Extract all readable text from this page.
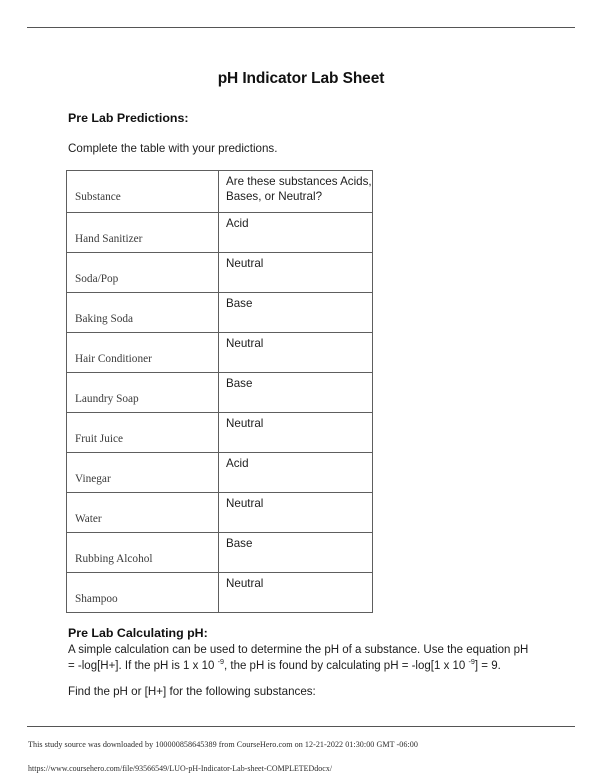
pH Indicator Lab Sheet
Pre Lab Predictions:
Complete the table with your predictions.
Substance	Are these substances Acids, Bases, or Neutral?

Hand Sanitizer	Acid

Soda/Pop	Neutral

Baking Soda	Base

Hair Conditioner	Neutral

Laundry Soap	Base

Fruit Juice	Neutral

Vinegar	Acid

Water	Neutral

Rubbing Alcohol	Base

Shampoo	Neutral
Pre Lab Calculating pH:
A simple calculation can be used to determine the pH of a substance. Use the equation pH = -log[H+]. If the pH is 1 x 10 $^{-9}$, the pH is found by calculating pH = -log[1 x 10 $^{-9}$] = 9.
Find the pH or [H+] for the following substances:
This study source was downloaded by 100000858645389 from CourseHero.com on 12-21-2022 01:30:00 GMT -06:00
https://www.coursehero.com/file/93566549/LUO-pH-Indicator-Lab-sheet-COMPLETEDdocx/
